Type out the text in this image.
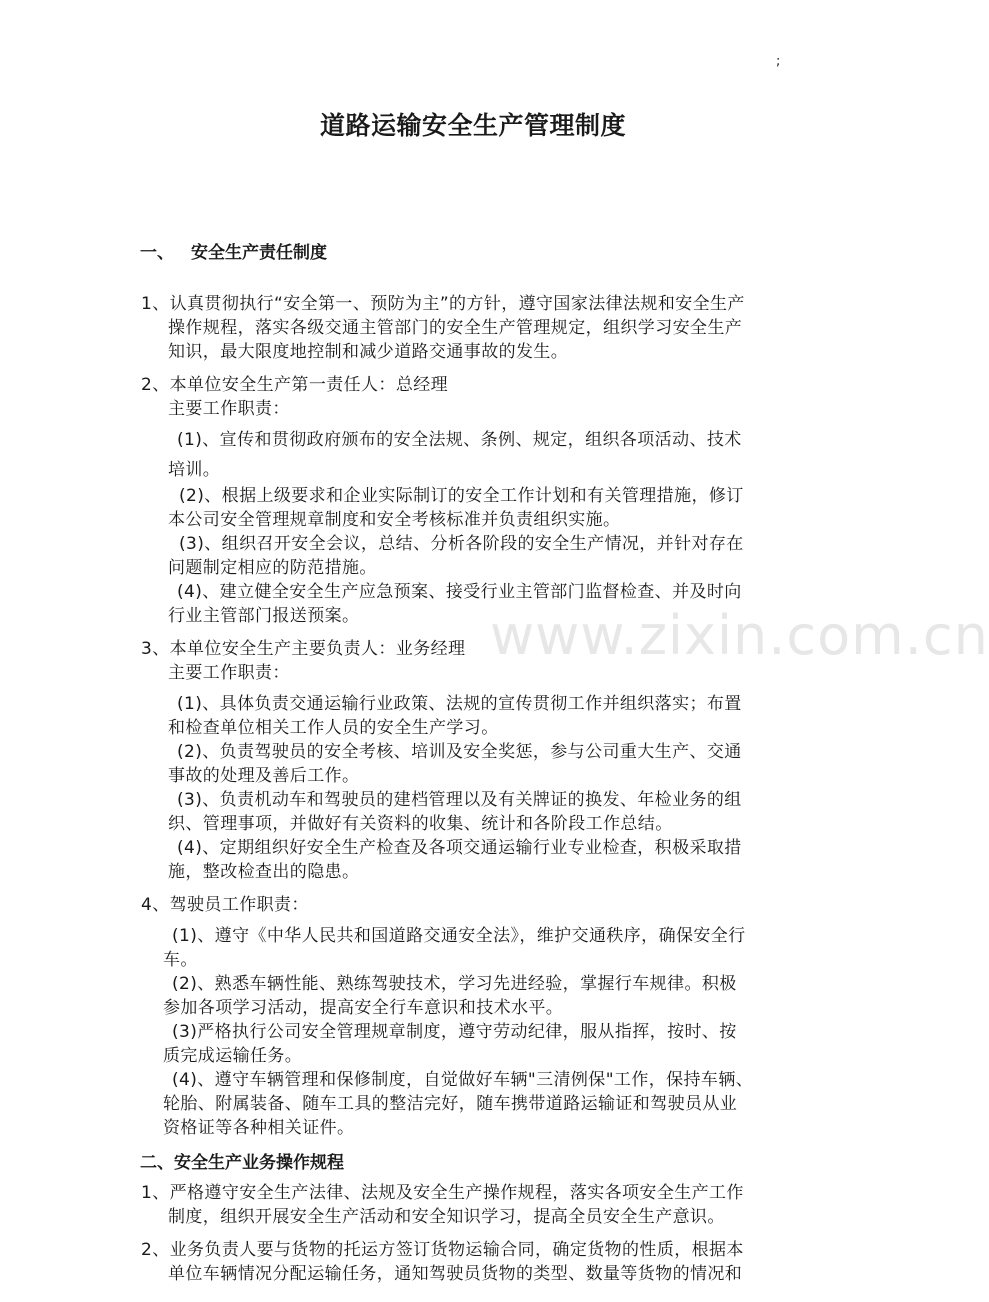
;
道路运输安全生产管理制度
一、 安全生产责任制度
1、认真贯彻执行“安全第一、预防为主”的方针，遵守国家法律法规和安全生产
操作规程，落实各级交通主管部门的安全生产管理规定，组织学习安全生产
知识，最大限度地控制和减少道路交通事故的发生。
2、本单位安全生产第一责任人：总经理
主要工作职责：
(1)、宣传和贯彻政府颁布的安全法规、条例、规定，组织各项活动、技术
培训。
(2)、根据上级要求和企业实际制订的安全工作计划和有关管理措施，修订
本公司安全管理规章制度和安全考核标准并负责组织实施。
(3)、组织召开安全会议，总结、分析各阶段的安全生产情况，并针对存在
问题制定相应的防范措施。
(4)、建立健全安全生产应急预案、接受行业主管部门监督检查、并及时向
行业主管部门报送预案。
3、本单位安全生产主要负责人：业务经理
主要工作职责：
(1)、具体负责交通运输行业政策、法规的宣传贯彻工作并组织落实；布置
和检查单位相关工作人员的安全生产学习。
(2)、负责驾驶员的安全考核、培训及安全奖惩，参与公司重大生产、交通
事故的处理及善后工作。
(3)、负责机动车和驾驶员的建档管理以及有关牌证的换发、年检业务的组
织、管理事项，并做好有关资料的收集、统计和各阶段工作总结。
(4)、定期组织好安全生产检查及各项交通运输行业专业检查，积极采取措
施，整改检查出的隐患。
4、驾驶员工作职责：
(1)、遵守《中华人民共和国道路交通安全法》，维护交通秩序，确保安全行
车。
(2)、熟悉车辆性能、熟练驾驶技术，学习先进经验，掌握行车规律。积极
参加各项学习活动，提高安全行车意识和技术水平。
(3)严格执行公司安全管理规章制度，遵守劳动纪律，服从指挥，按时、按
质完成运输任务。
(4)、遵守车辆管理和保修制度，自觉做好车辆"三清例保"工作，保持车辆、
轮胎、附属装备、随车工具的整洁完好，随车携带道路运输证和驾驶员从业
资格证等各种相关证件。
二、安全生产业务操作规程
1、严格遵守安全生产法律、法规及安全生产操作规程，落实各项安全生产工作
制度，组织开展安全生产活动和安全知识学习，提高全员安全生产意识。
2、业务负责人要与货物的托运方签订货物运输合同，确定货物的性质，根据本
单位车辆情况分配运输任务，通知驾驶员货物的类型、数量等货物的情况和
www.zixin.com.cn
